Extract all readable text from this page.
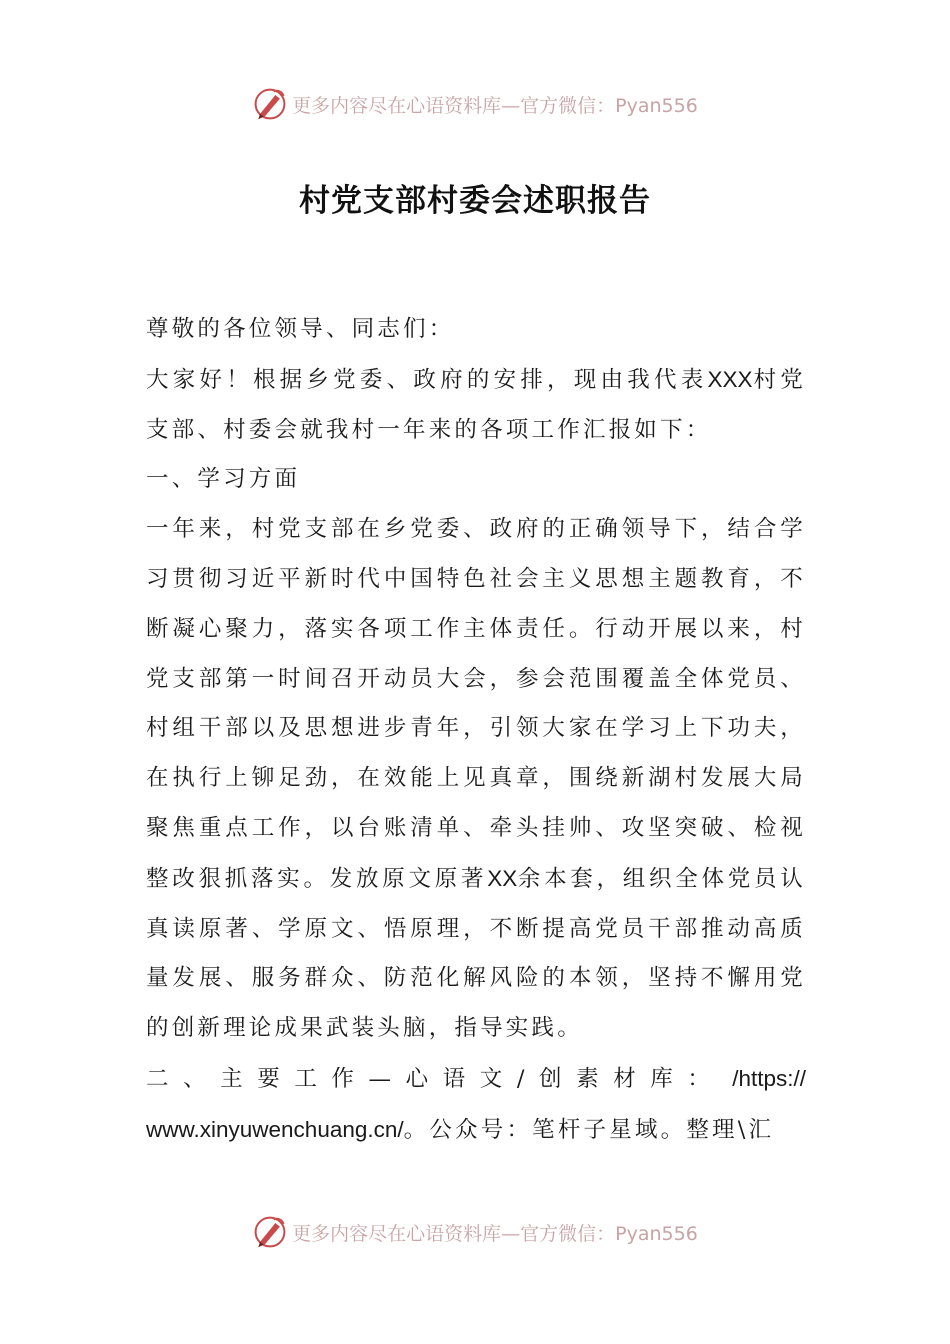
更多内容尽在心语资料库—官方微信：Pyan556
村党支部村委会述职报告

尊敬的各位领导、同志们：

大家好！根据乡党委、政府的安排，现由我代表XXX村党支部、村委会就我村一年来的各项工作汇报如下：

一、学习方面

一年来，村党支部在乡党委、政府的正确领导下，结合学习贯彻习近平新时代中国特色社会主义思想主题教育，不断凝心聚力，落实各项工作主体责任。行动开展以来，村党支部第一时间召开动员大会，参会范围覆盖全体党员、村组干部以及思想进步青年，引领大家在学习上下功夫，在执行上铆足劲，在效能上见真章，围绕新湖村发展大局聚焦重点工作，以台账清单、牵头挂帅、攻坚突破、检视整改狠抓落实。发放原文原著XX余本套，组织全体党员认真读原著、学原文、悟原理，不断提高党员干部推动高质量发展、服务群众、防范化解风险的本领，坚持不懈用党的创新理论成果武装头脑，指导实践。

二、主要工作—心语文/创素材库： /https://

www.xinyuwenchuang.cn/。公众号：笔杆子星域。整理\汇

更多内容尽在心语资料库—官方微信：Pyan556
